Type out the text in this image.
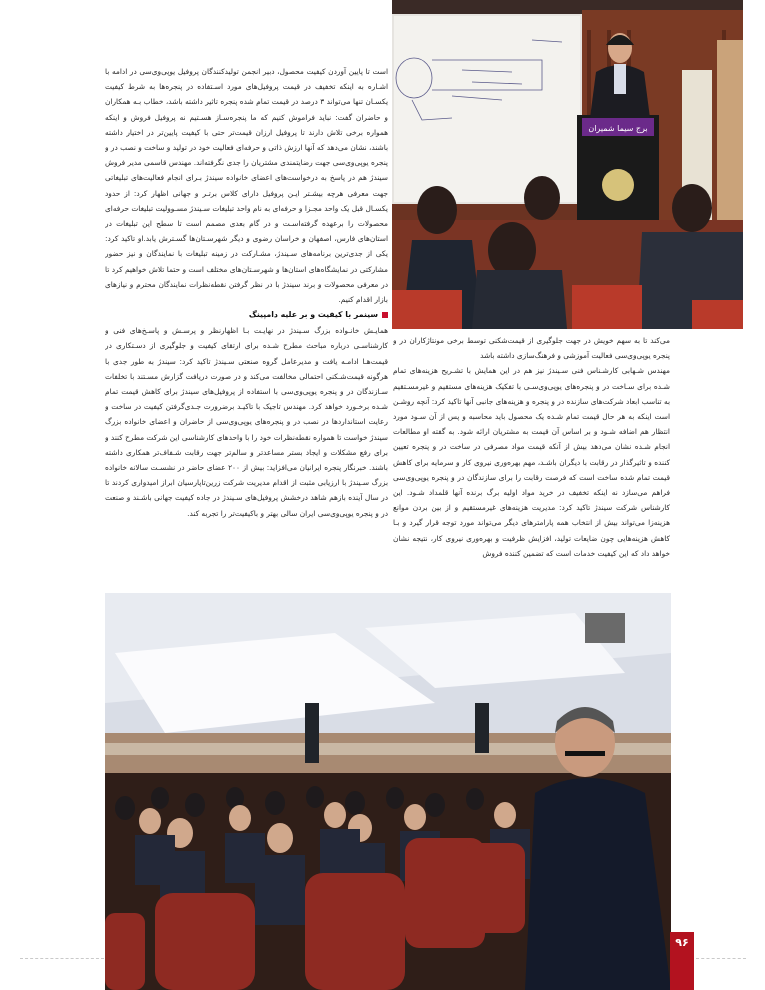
است تا پایین آوردن کیفیت محصول، دبیر انجمن تولیدکنندگان پروفیل یوپی‌وی‌سی در ادامه با اشـاره به اینکه تخفیف در قیمت پروفیل‌های مورد اسـتفاده در پنجره‌ها به شرط کیفیت یکسـان تنها می‌تواند ۳ درصد در قیمت تمام شده پنجره تاثیر داشته باشد، خطاب بـه همکاران و حاضران گفت: نباید فراموش کنیم که ما پنجره‌سـاز هسـتیم نه پروفیل فروش و اینکه همواره برخی تلاش دارند تا پروفیل ارزان قیمت‌تر حتی با کیفیت پایین‌تر در اختیار داشته باشند، نشان می‌دهد که آنها ارزش ذاتی و حرفه‌ای فعالیت خود در تولید و ساخت و نصب در و پنجره یوپی‌وی‌سی جهت رضایتمندی مشتریان را جدی نگرفته‌اند. مهندس قاسمی مدیر فروش سیندژ هم در پاسخ به درخواست‌های اعضای خانواده سیندژ بـرای انجام فعالیت‌های تبلیغاتی جهت معرفی هرچه بیشـتر ایـن پروفیل دارای کلاس برتـر و جهانی اظهار کرد: از حدود یکسـال قبل یک واحد مجـزا و حرفه‌ای به نام واحد تبلیغات سـیندژ مسـوولیت تبلیغات حرفه‌ای محصولات را برعهده گرفته‌اسـت و در گام بعدی مصمم است تا سطح این تبلیغات در استان‌های فارس، اصفهان و خراسان رضوی و دیگر شهرسـتان‌ها گسـترش یابد.او تاکید کرد: یکی از جدی‌ترین برنامه‌های سـیندژ، مشـارکت در زمینه تبلیغات با نمایندگان و نیز حضور مشارکتی در نمایشگاه‌های استان‌ها و شهرسـتان‌های مختلف است و حتما تلاش خواهیم کرد تا در معرفی محصولات و برند سیندژ با در نظر گرفتن نقطه‌نظرات نمایندگان محترم و نیازهای بازار اقدام کنیم.

سینمر با کیفیت و بر علیه دامپینگ

همایـش خانـواده بزرگ سـیندژ در نهایـت بـا اظهارنظر و پرسـش و پاسـخ‌های فنی و کارشناسـی درباره مباحث مطرح شـده برای ارتقای کیفیت و جلوگیری از دسـتکاری در قیمت‌هـا ادامـه یافت و مدیرعامل گروه صنعتی سـیندژ تاکید کرد: سیندژ به طور جدی با هرگونه قیمت‌شـکنی احتمالی مخالفت می‌کند و در صورت دریافت گزارش مسـتند با تخلفات سـازندگان در و پنجره یوپی‌وی‌سی با استفاده از پروفیل‌های سیندژ برای کاهش قیمت تمام شـده برخـورد خواهد کرد. مهندس تاجیک با تاکیـد برضرورت جـدی‌گرفتن کیفیت در ساخت و رعایت استانداردها در نصب در و پنجره‌های یوپی‌وی‌سی از حاضران و اعضای خانواده بزرگ سیندژ خواست تا همواره نقطه‌نظرات خود را با واحدهای کارشناسی این شرکت مطرح کنند و برای رفع مشکلات و ایجاد بستر مساعدتر و سالم‌تر جهت رقابت شـفاف‌تر همکاری داشته باشند. خبرنگار پنجره ایرانیان می‌افزاید: بیش از ۲۰۰ عضای حاضر در نشسـت سالانه خانواده بزرگ سـیندژ با ارزیابی مثبت از اقدام مدیریت شرکت زرین‌تاپارسیان ابراز امیدواری کردند تا در سال آینده بازهم شاهد درخشش پروفیل‌های سـیندژ در جاده کیفیت جهانی باشـند و صنعت در و پنجره یوپی‌وی‌سی ایران سالی بهتر و باکیفیت‌تر را تجربه کند.

برج سیما شمیران

می‌کند تا به سهم خویش در جهت جلوگیری از قیمت‌شکنی توسط برخی مونتاژکاران در و پنجره یوپی‌وی‌سی فعالیت آموزشی و فرهنگ‌سازی داشته باشد

مهندس شـهابی کارشـناس فنی سـیندژ نیز هم در این همایش با تشـریح هزینه‌های تمام شـده برای سـاخت در و پنجره‌های یوپی‌وی‌سـی با تفکیک هزینه‌های مستقیم و غیرمسـتقیم به تناسب ابعاد شرکت‌های سازنده در و پنجره و هزینه‌های جانبی آنها تاکید کرد: آنچه روشـن است اینکه به هر حال قیمت تمام شـده یک محصول باید محاسبه و پس از آن سـود مورد انتظار هم اضافه شـود و بر اساس آن قیمت به مشتریان ارائه شود. به گفته او مطالعات انجام شـده نشان می‌دهد بیش از آنکه قیمت مواد مصرفی در ساخت در و پنجره تعیین کننده و تاثیرگذار در رقابت با دیگران باشـد، مهم بهره‌وری نیروی کار و سرمایه برای کاهش قیمت تمام شده ساخت است که فرصت رقابت را برای سازندگان در و پنجره یوپی‌وی‌سی فراهم می‌سازد نه اینکه تخفیف در خرید مواد اولیه برگ برنده آنها قلمداد شـود. این کارشناس شرکت سیندژ تاکید کرد: مدیریت هزینه‌های غیرمستقیم و از بین بردن موانع هزینه‌زا می‌تواند بیش از انتخاب همه پارامترهای دیگر می‌تواند مورد توجه قرار گیرد و بـا کاهش هزینه‌هایی چون ضایعات تولید، افزایش ظرفیت و بهره‌وری نیروی کار، نتیجه نشان خواهد داد که این کیفیت خدمات است که تضمین کننده فروش

۹۶
